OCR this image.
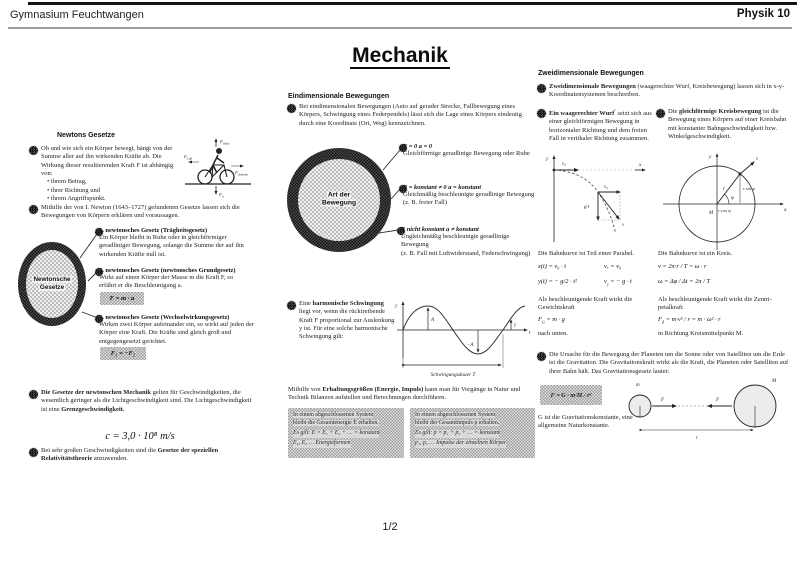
Gymnasium Feuchtwangen	Physik 10
Mechanik
Newtons Gesetze
Ob und wie sich ein Körper bewegt, hängt von der Summe aller auf ihn wirkenden Kräfte ab. Die Wirkung dieser resultierenden Kraft F ist abhängig von:
• ihrem Betrag,
• ihrer Richtung und
• ihrem Angriffspunkt.
$F_{Stütz}$
$F_{Luft}$
$F_{Antrieb}$
$F_G$
Mithilfe der von I. Newton (1643–1727) gefundenen Gesetze lassen sich die Bewegungen von Körpern erklären und voraussagen.
Newtonsche
Gesetze
1. newtonsches Gesetz (Trägheitsgesetz)
Ein Körper bleibt in Ruhe oder in gleichförmiger geradliniger Bewegung, solange die Summe der auf ihn wirkenden Kräfte null ist.
2. newtonsches Gesetz (newtonsches Grundgesetz)
Wirkt auf einen Körper der Masse m die Kraft F, so erfährt er die Beschleunigung a.
F = m · a
3. newtonsches Gesetz (Wechselwirkungsgesetz)
Wirken zwei Körper aufeinander ein, so wirkt auf jeden der Körper eine Kraft. Die Kräfte sind gleich groß und entgegengesetzt gerichtet.
F₁ = −F₂
Die Gesetze der newtonschen Mechanik gelten für Geschwindigkeiten, die wesentlich geringer als die Lichtgeschwindigkeit sind. Die Lichtgeschwindigkeit ist eine Grenzgeschwindigkeit.
c = 3,0 · 10⁸ m/s
Bei sehr großen Geschwindigkeiten sind die Gesetze der speziellen Relativitätstheorie anzuwenden.
Eindimensionale Bewegungen
Bei eindimensionalen Bewegungen (Auto auf gerader Strecke, Fallbewegung eines Körpers, Schwingung eines Federpendels) lässt sich die Lage eines Körpers eindeutig durch eine Koordinate (Ort, Weg) kennzeichnen.
Art der
Bewegung
F = 0 a = 0
Gleichförmige geradlinige Bewegung oder Ruhe
F = konstant ≠ 0 a = konstant
Gleichmäßig beschleunigte geradlinige Bewegung
(z. B. freier Fall)
F nicht konstant a ≠ konstant
Ungleichmäßig beschleunigte geradlinige Bewegung
(z. B. Fall mit Luftwiderstand, Federschwingung)
Eine harmonische Schwingung liegt vor, wenn die rücktreibende Kraft F proportional zur Auslenkung y ist. Für eine solche harmonische Schwingung gilt:
y
t
A
−A
y
Schwingungsdauer T
Mithilfe von Erhaltungsgrößen (Energie, Impuls) kann man für Vorgänge in Natur und Technik Bilanzen aufstellen und Berechnungen durchführen.
In einem abgeschlossenen System
bleibt die Gesamtenergie E erhalten.
Es gilt: E = E₁ + E₂ + … = konstant
E₁, E₂ … Energieformen
In einem abgeschlossenen System
bleibt der Gesamtimpuls p erhalten.
Es gilt: p = p₁ + p₂ + … = konstant
p₁, p₂ … Impulse der einzelnen Körper
Zweidimensionale Bewegungen
Zweidimensionale Bewegungen (waagerechter Wurf, Kreisbewegung) lassen sich in x-y-Koordinatensystemen beschreiben.
Ein waagerechter Wurf° setzt sich aus einer gleichförmigen Bewegung in horizontaler Richtung und dem freien Fall in vertikaler Richtung zusammen.
Die gleichförmige Kreisbewegung ist die Bewegung eines Körpers auf einer Kreisbahn mit konstanter Bahngeschwindigkeit bzw. Winkelgeschwindigkeit.
y
x
v₀
v₀
g·t
v
y
x
r
φ
r·sin φ
r·cos φ
v
M
Die Bahnkurve ist Teil einer Parabel.
x(t) = v₀ · t	vₓ = v₀
y(t) = − g/2 · t²	$v_y$ = − g · t
Die Bahnkurve ist ein Kreis.
v = 2π·r / T = ω · r
ω = Δφ / Δt = 2π / T
Als beschleunigende Kraft wirkt die
Gewichtskraft
$F_G = m \cdot g$
nach unten.
Als beschleunigende Kraft wirkt die Zentri-
petalkraft
$F_Z = m\cdot v^2 / r = m \cdot \omega^2 \cdot r$
in Richtung Kreismittelpunkt M.
Die Ursache für die Bewegung der Planeten um die Sonne oder von Satelliten um die Erde ist die Gravitation. Die Gravitationskraft wirkt als die Kraft, die Planeten oder Satelliten auf ihrer Bahn hält. Das Gravitationsgesetz lautet:
F = G · m·M / r²
G ist die Gravitationskonstante, eine
allgemeine Naturkonstante.
m
F	F
M
r
1/2
